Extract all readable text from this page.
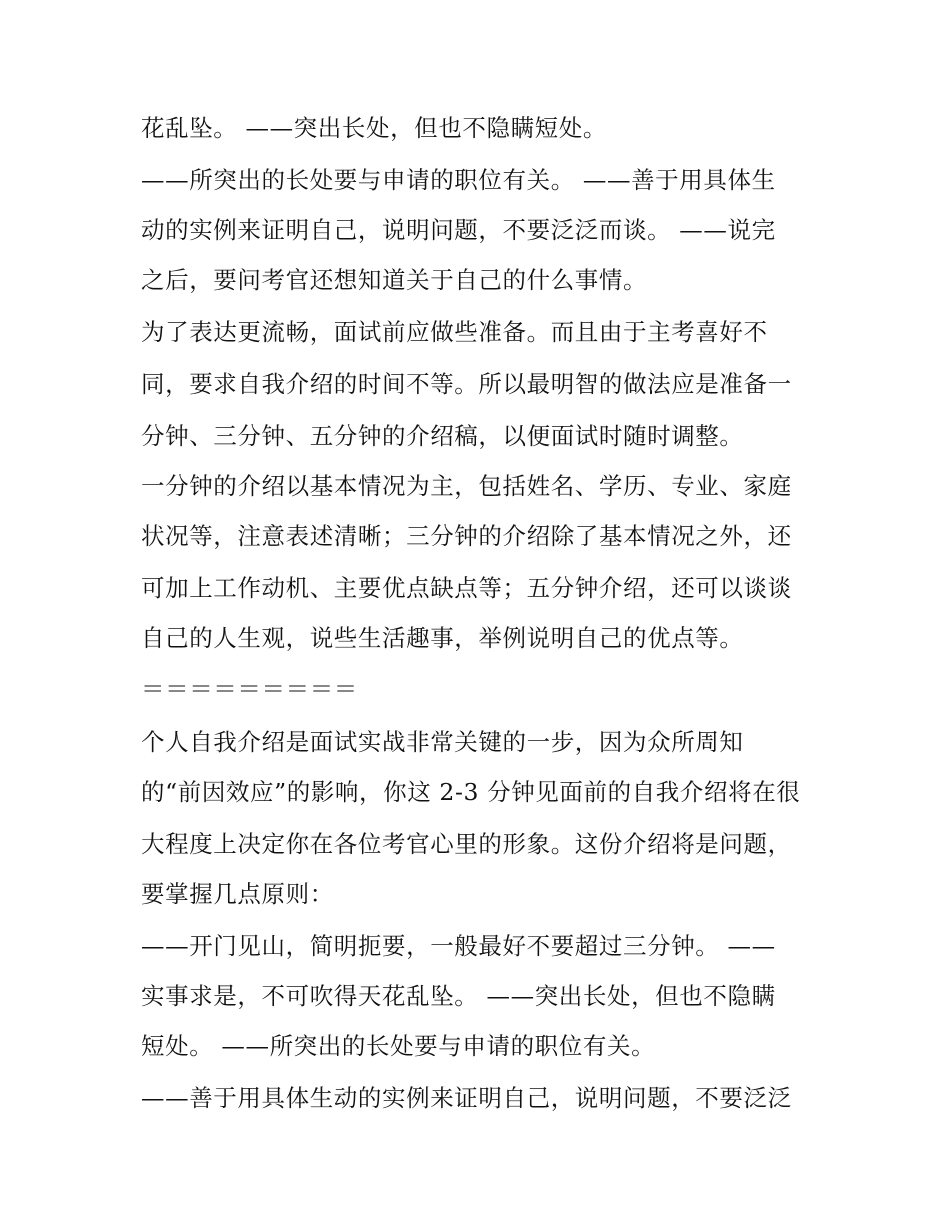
花乱坠。 ——突出长处，但也不隐瞒短处。
——所突出的长处要与申请的职位有关。 ——善于用具体生
动的实例来证明自己，说明问题，不要泛泛而谈。 ——说完
之后，要问考官还想知道关于自己的什么事情。
为了表达更流畅，面试前应做些准备。而且由于主考喜好不
同，要求自我介绍的时间不等。所以最明智的做法应是准备一
分钟、三分钟、五分钟的介绍稿，以便面试时随时调整。
一分钟的介绍以基本情况为主，包括姓名、学历、专业、家庭
状况等，注意表述清晰；三分钟的介绍除了基本情况之外，还
可加上工作动机、主要优点缺点等；五分钟介绍，还可以谈谈
自己的人生观，说些生活趣事，举例说明自己的优点等。
＝＝＝＝＝＝＝＝＝
个人自我介绍是面试实战非常关键的一步，因为众所周知
的“前因效应”的影响，你这 2-3 分钟见面前的自我介绍将在很
大程度上决定你在各位考官心里的形象。这份介绍将是问题，
要掌握几点原则：
——开门见山，简明扼要，一般最好不要超过三分钟。 ——
实事求是，不可吹得天花乱坠。 ——突出长处，但也不隐瞒
短处。 ——所突出的长处要与申请的职位有关。
——善于用具体生动的实例来证明自己，说明问题，不要泛泛
